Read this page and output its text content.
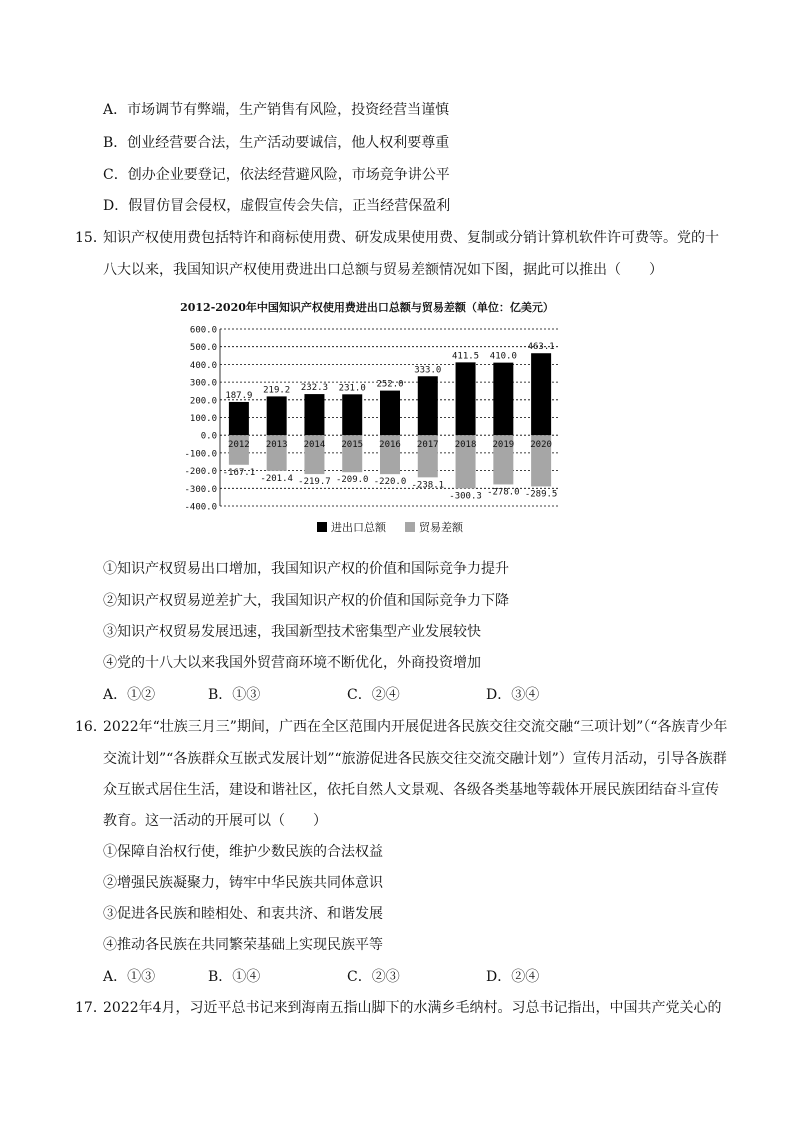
A．市场调节有弊端，生产销售有风险，投资经营当谨慎
B．创业经营要合法，生产活动要诚信，他人权利要尊重
C．创办企业要登记，依法经营避风险，市场竞争讲公平
D．假冒仿冒会侵权，虚假宣传会失信，正当经营保盈利
15．
知识产权使用费包括特许和商标使用费、研发成果使用费、复制或分销计算机软件许可费等。党的十
八大以来，我国知识产权使用费进出口总额与贸易差额情况如下图，据此可以推出（　　）
2012-2020年中国知识产权使用费进出口总额与贸易差额（单位：亿美元）
600.0
500.0
400.0
300.0
200.0
100.0
0.0
-100.0
-200.0
-300.0
-400.0
2012
187.9
-167.1
2013
219.2
-201.4
2014
232.3
-219.7
2015
231.0
-209.0
2016
252.0
-220.0
2017
333.0
-238.1
2018
411.5
-300.3
2019
410.0
-278.0
2020
463.1
-289.5
进出口总额	贸易差额
①知识产权贸易出口增加，我国知识产权的价值和国际竞争力提升
②知识产权贸易逆差扩大，我国知识产权的价值和国际竞争力下降
③知识产权贸易发展迅速，我国新型技术密集型产业发展较快
④党的十八大以来我国外贸营商环境不断优化，外商投资增加
A．①②	B．①③	C．②④	D．③④
16．
2022年“壮族三月三”期间，广西在全区范围内开展促进各民族交往交流交融“三项计划”（“各族青少年
交流计划”“各族群众互嵌式发展计划”“旅游促进各民族交往交流交融计划”）宣传月活动，引导各族群
众互嵌式居住生活，建设和谐社区，依托自然人文景观、各级各类基地等载体开展民族团结奋斗宣传
教育。这一活动的开展可以（　　）
①保障自治权行使，维护少数民族的合法权益
②增强民族凝聚力，铸牢中华民族共同体意识
③促进各民族和睦相处、和衷共济、和谐发展
④推动各民族在共同繁荣基础上实现民族平等
A．①③	B．①④	C．②③	D．②④
17．
2022年4月，习近平总书记来到海南五指山脚下的水满乡毛纳村。习总书记指出，中国共产党关心的
